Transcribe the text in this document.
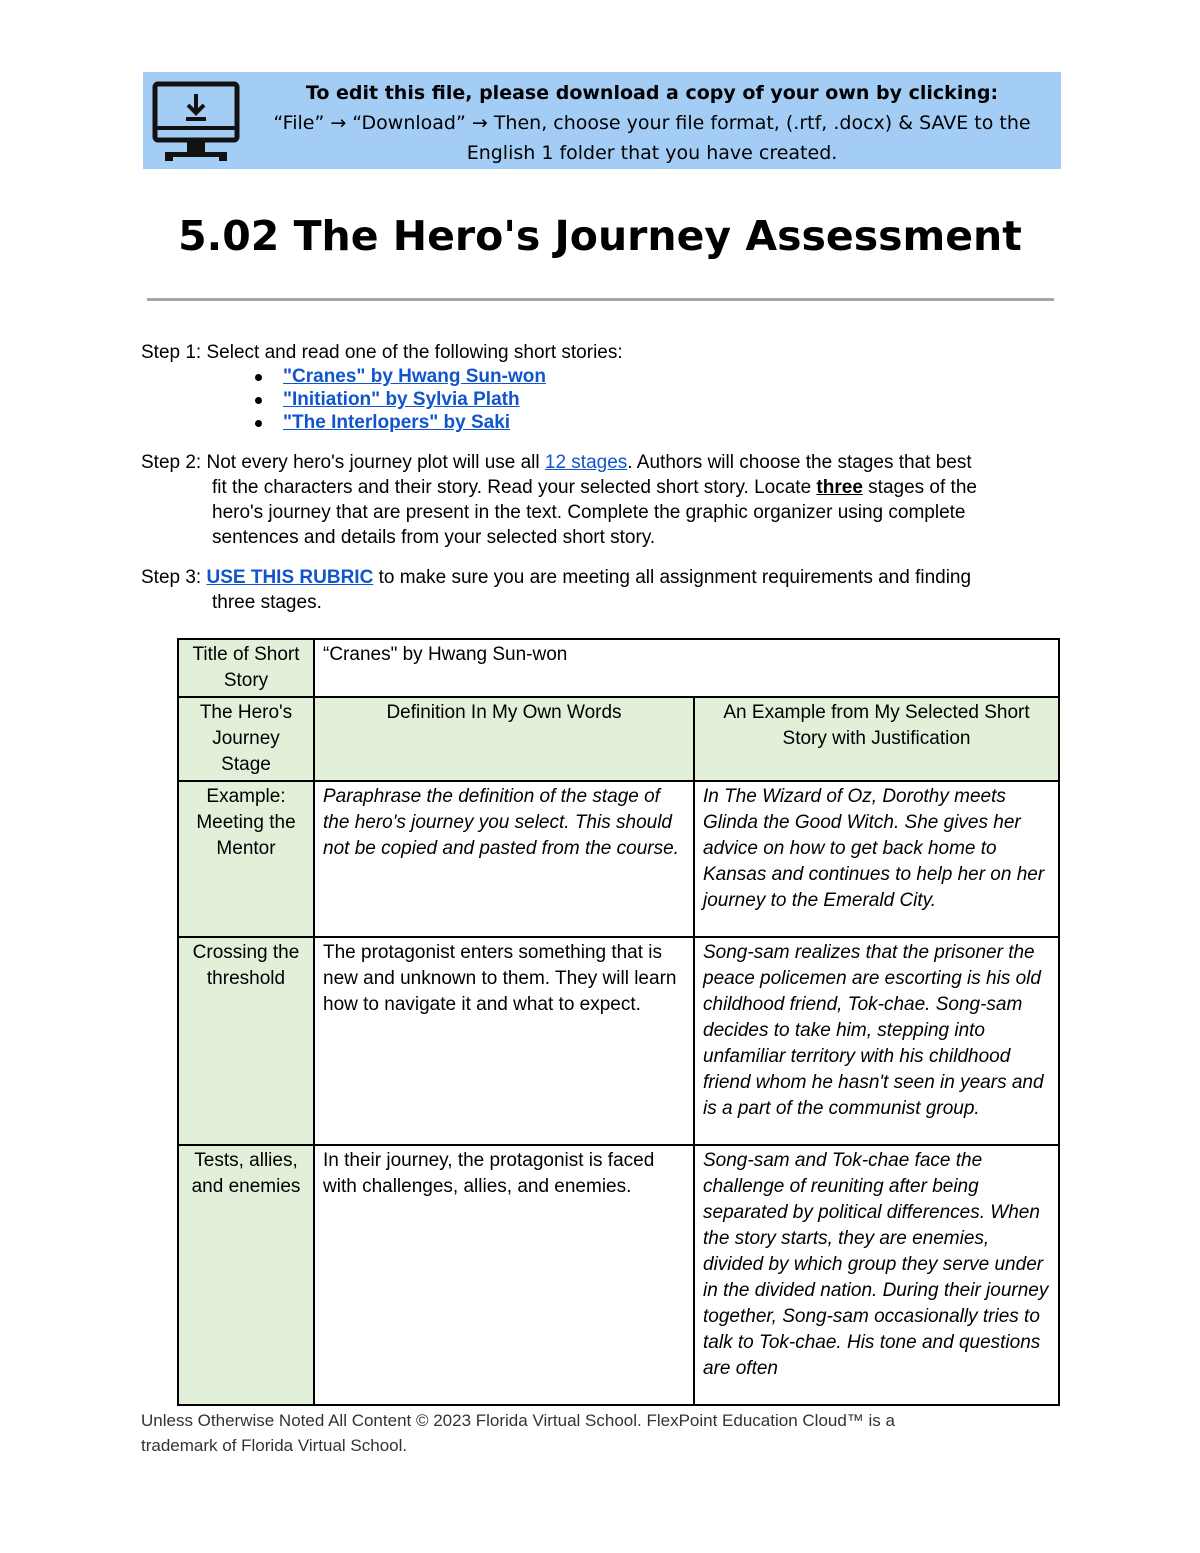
To edit this file, please download a copy of your own by clicking:
“File” → “Download” → Then, choose your file format, (.rtf, .docx) & SAVE to the
English 1 folder that you have created.
5.02 The Hero's Journey Assessment

Step 1: Select and read one of the following short stories:

"Cranes" by Hwang Sun-won
"Initiation" by Sylvia Plath
"The Interlopers" by Saki

Step 2: Not every hero's journey plot will use all 12 stages. Authors will choose the stages that best

fit the characters and their story. Read your selected short story. Locate three stages of the

hero's journey that are present in the text. Complete the graphic organizer using complete

sentences and details from your selected short story.

Step 3: USE THIS RUBRIC to make sure you are meeting all assignment requirements and finding

three stages.

Title of Short Story	“Cranes" by Hwang Sun-won	
The Hero's Journey Stage	Definition In My Own Words	An Example from My Selected Short Story with Justification
Example: Meeting the Mentor	Paraphrase the definition of the stage of the hero's journey you select. This should not be copied and pasted from the course.	In The Wizard of Oz, Dorothy meets Glinda the Good Witch. She gives her advice on how to get back home to Kansas and continues to help her on her journey to the Emerald City.
Crossing the threshold	The protagonist enters something that is new and unknown to them. They will learn how to navigate it and what to expect.	Song-sam realizes that the prisoner the peace policemen are escorting is his old childhood friend, Tok-chae. Song-sam decides to take him, stepping into unfamiliar territory with his childhood friend whom he hasn't seen in years and is a part of the communist group.
Tests, allies, and enemies	In their journey, the protagonist is faced with challenges, allies, and enemies.	Song-sam and Tok-chae face the challenge of reuniting after being separated by political differences. When the story starts, they are enemies, divided by which group they serve under in the divided nation. During their journey together, Song-sam occasionally tries to talk to Tok-chae. His tone and questions are often
Unless Otherwise Noted All Content © 2023 Florida Virtual School. FlexPoint Education Cloud™ is a
trademark of Florida Virtual School.
